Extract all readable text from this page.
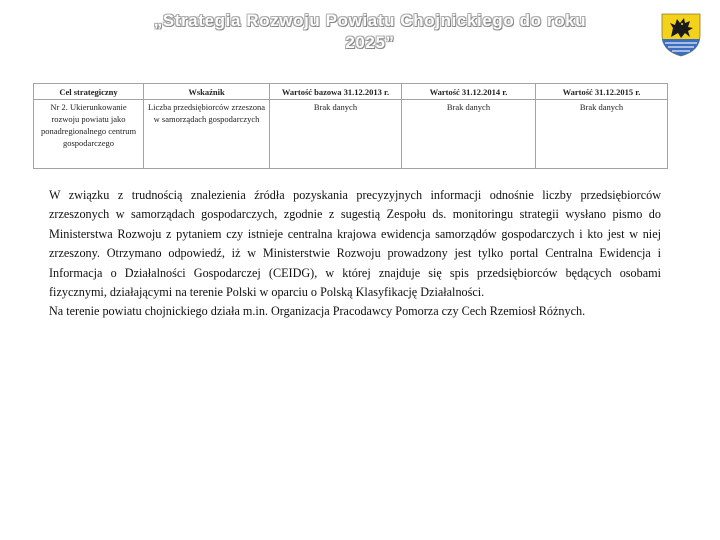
„Strategia Rozwoju Powiatu Chojnickiego do roku 2025”
Cel strategiczny	Wskaźnik	Wartość bazowa 31.12.2013 r.	Wartość 31.12.2014 r.	Wartość 31.12.2015 r.
Nr 2. Ukierunkowanie rozwoju powiatu jako ponadregionalnego centrum gospodarczego	Liczba przedsiębiorców zrzeszona w samorządach gospodarczych	Brak danych	Brak danych	Brak danych

W związku z trudnością znalezienia źródła pozyskania precyzyjnych informacji odnośnie liczby przedsiębiorców zrzeszonych w samorządach gospodarczych, zgodnie z sugestią Zespołu ds. monitoringu strategii wysłano pismo do Ministerstwa Rozwoju z pytaniem czy istnieje centralna krajowa ewidencja samorządów gospodarczych i kto jest w niej zrzeszony. Otrzymano odpowiedź, iż w Ministerstwie Rozwoju prowadzony jest tylko portal Centralna Ewidencja i Informacja o Działalności Gospodarczej (CEIDG), w której znajduje się spis przedsiębiorców będących osobami fizycznymi, działającymi na terenie Polski w oparciu o Polską Klasyfikację Działalności.

Na terenie powiatu chojnickiego działa m.in. Organizacja Pracodawcy Pomorza czy Cech Rzemiosł Różnych.
